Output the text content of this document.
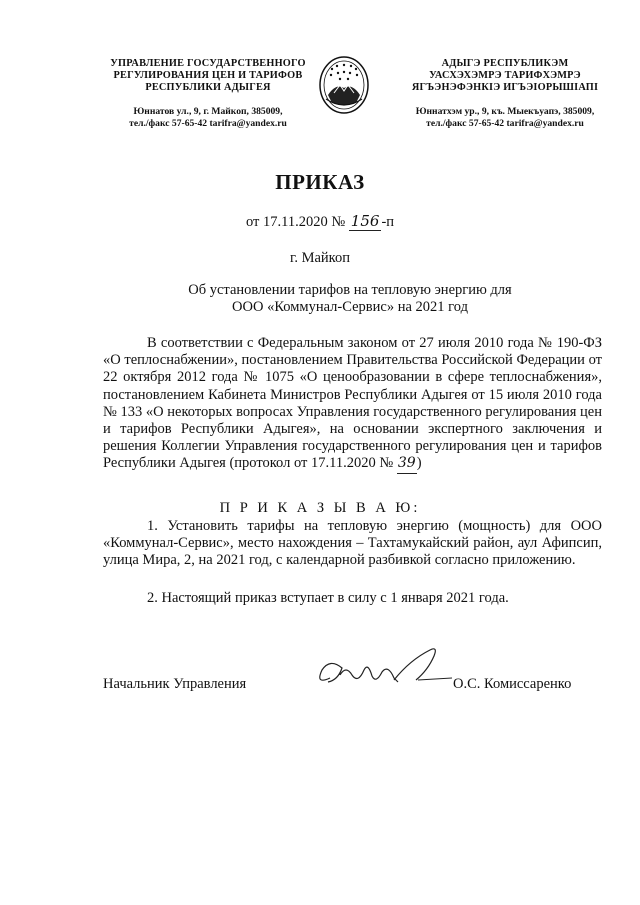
УПРАВЛЕНИЕ ГОСУДАРСТВЕННОГО
РЕГУЛИРОВАНИЯ ЦЕН И ТАРИФОВ
РЕСПУБЛИКИ АДЫГЕЯ
АДЫГЭ РЕСПУБЛИКЭМ
УАСХЭХЭМРЭ ТАРИФХЭМРЭ
ЯГЪЭНЭФЭНКIЭ ИГЪЭIОРЫШIАПI
Юннатов ул., 9, г. Майкоп, 385009,
тел./факс 57-65-42 tarifra@yandex.ru
Юннатхэм ур., 9, къ. Мыекъуапэ, 385009,
тел./факс 57-65-42 tarifra@yandex.ru
ПРИКАЗ
от 17.11.2020 № 156 -п
г. Майкоп
Об установлении тарифов на тепловую энергию для ООО «Коммунал-Сервис» на 2021 год
В соответствии с Федеральным законом от 27 июля 2010 года № 190-ФЗ «О теплоснабжении», постановлением Правительства Российской Федерации от 22 октября 2012 года № 1075 «О ценообразовании в сфере теплоснабжения», постановлением Кабинета Министров Республики Адыгея от 15 июля 2010 года № 133 «О некоторых вопросах Управления государственного регулирования цен и тарифов Республики Адыгея», на основании экспертного заключения и решения Коллегии Управления государственного регулирования цен и тарифов Республики Адыгея (протокол от 17.11.2020 № 39)
П Р И К А З Ы В А Ю:
1. Установить тарифы на тепловую энергию (мощность) для ООО «Коммунал-Сервис», место нахождения – Тахтамукайский район, аул Афипсип, улица Мира, 2, на 2021 год, с календарной разбивкой согласно приложению.
2. Настоящий приказ вступает в силу с 1 января 2021 года.
Начальник Управления	О.С. Комиссаренко
